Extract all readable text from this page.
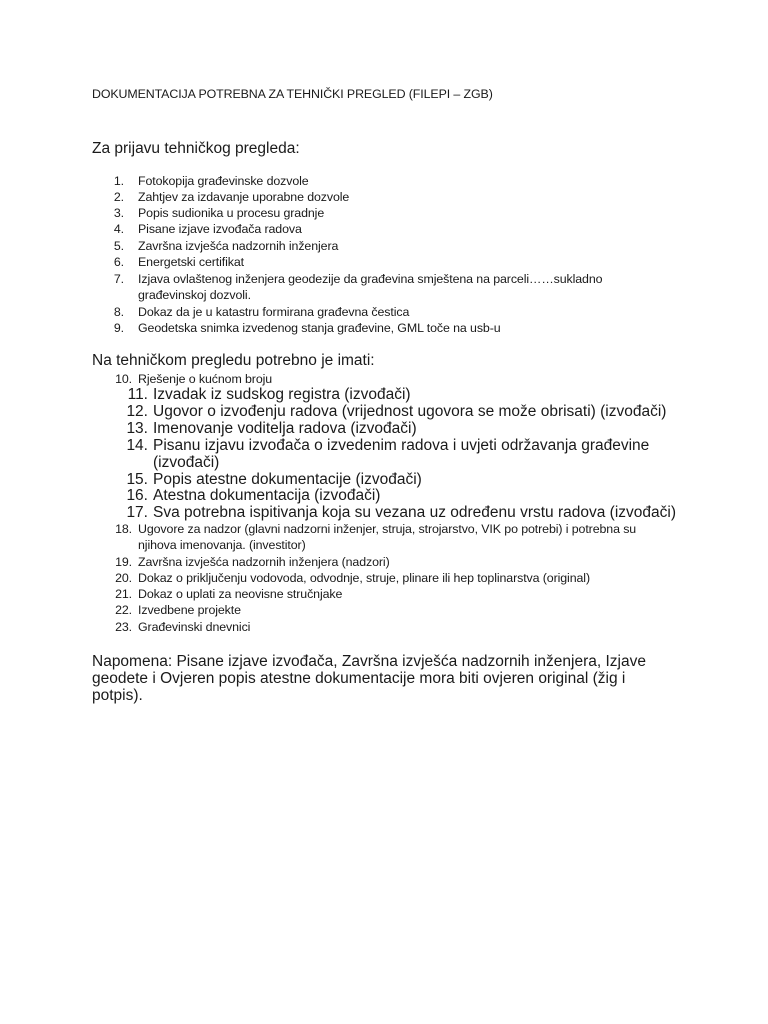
DOKUMENTACIJA POTREBNA ZA TEHNIČKI PREGLED (FILEPI – ZGB)
Za prijavu tehničkog pregleda:
1. Fotokopija građevinske dozvole
2. Zahtjev za izdavanje uporabne dozvole
3. Popis sudionika u procesu gradnje
4. Pisane izjave izvođača radova
5. Završna izvješća nadzornih inženjera
6. Energetski certifikat
7. Izjava ovlaštenog inženjera geodezije da građevina smještena na parceli……sukladno
građevinskoj dozvoli.
8. Dokaz da je u katastru formirana građevna čestica
9. Geodetska snimka izvedenog stanja građevine, GML toče na usb-u
Na tehničkom pregledu potrebno je imati:
10. Rješenje o kućnom broju
11. Izvadak iz sudskog registra (izvođači)
12. Ugovor o izvođenju radova (vrijednost ugovora se može obrisati) (izvođači)
13. Imenovanje voditelja radova (izvođači)
14. Pisanu izjavu izvođača o izvedenim radova i uvjeti održavanja građevine
(izvođači)
15. Popis atestne dokumentacije (izvođači)
16. Atestna dokumentacija (izvođači)
17. Sva potrebna ispitivanja koja su vezana uz određenu vrstu radova (izvođači)
18. Ugovore za nadzor (glavni nadzorni inženjer, struja, strojarstvo, VIK po potrebi) i potrebna su
njihova imenovanja. (investitor)
19. Završna izvješća nadzornih inženjera (nadzori)
20. Dokaz o priključenju vodovoda, odvodnje, struje, plinare ili hep toplinarstva (original)
21. Dokaz o uplati za neovisne stručnjake
22. Izvedbene projekte
23. Građevinski dnevnici
Napomena: Pisane izjave izvođača, Završna izvješća nadzornih inženjera, Izjave
geodete i Ovjeren popis atestne dokumentacije mora biti ovjeren original (žig i
potpis).
